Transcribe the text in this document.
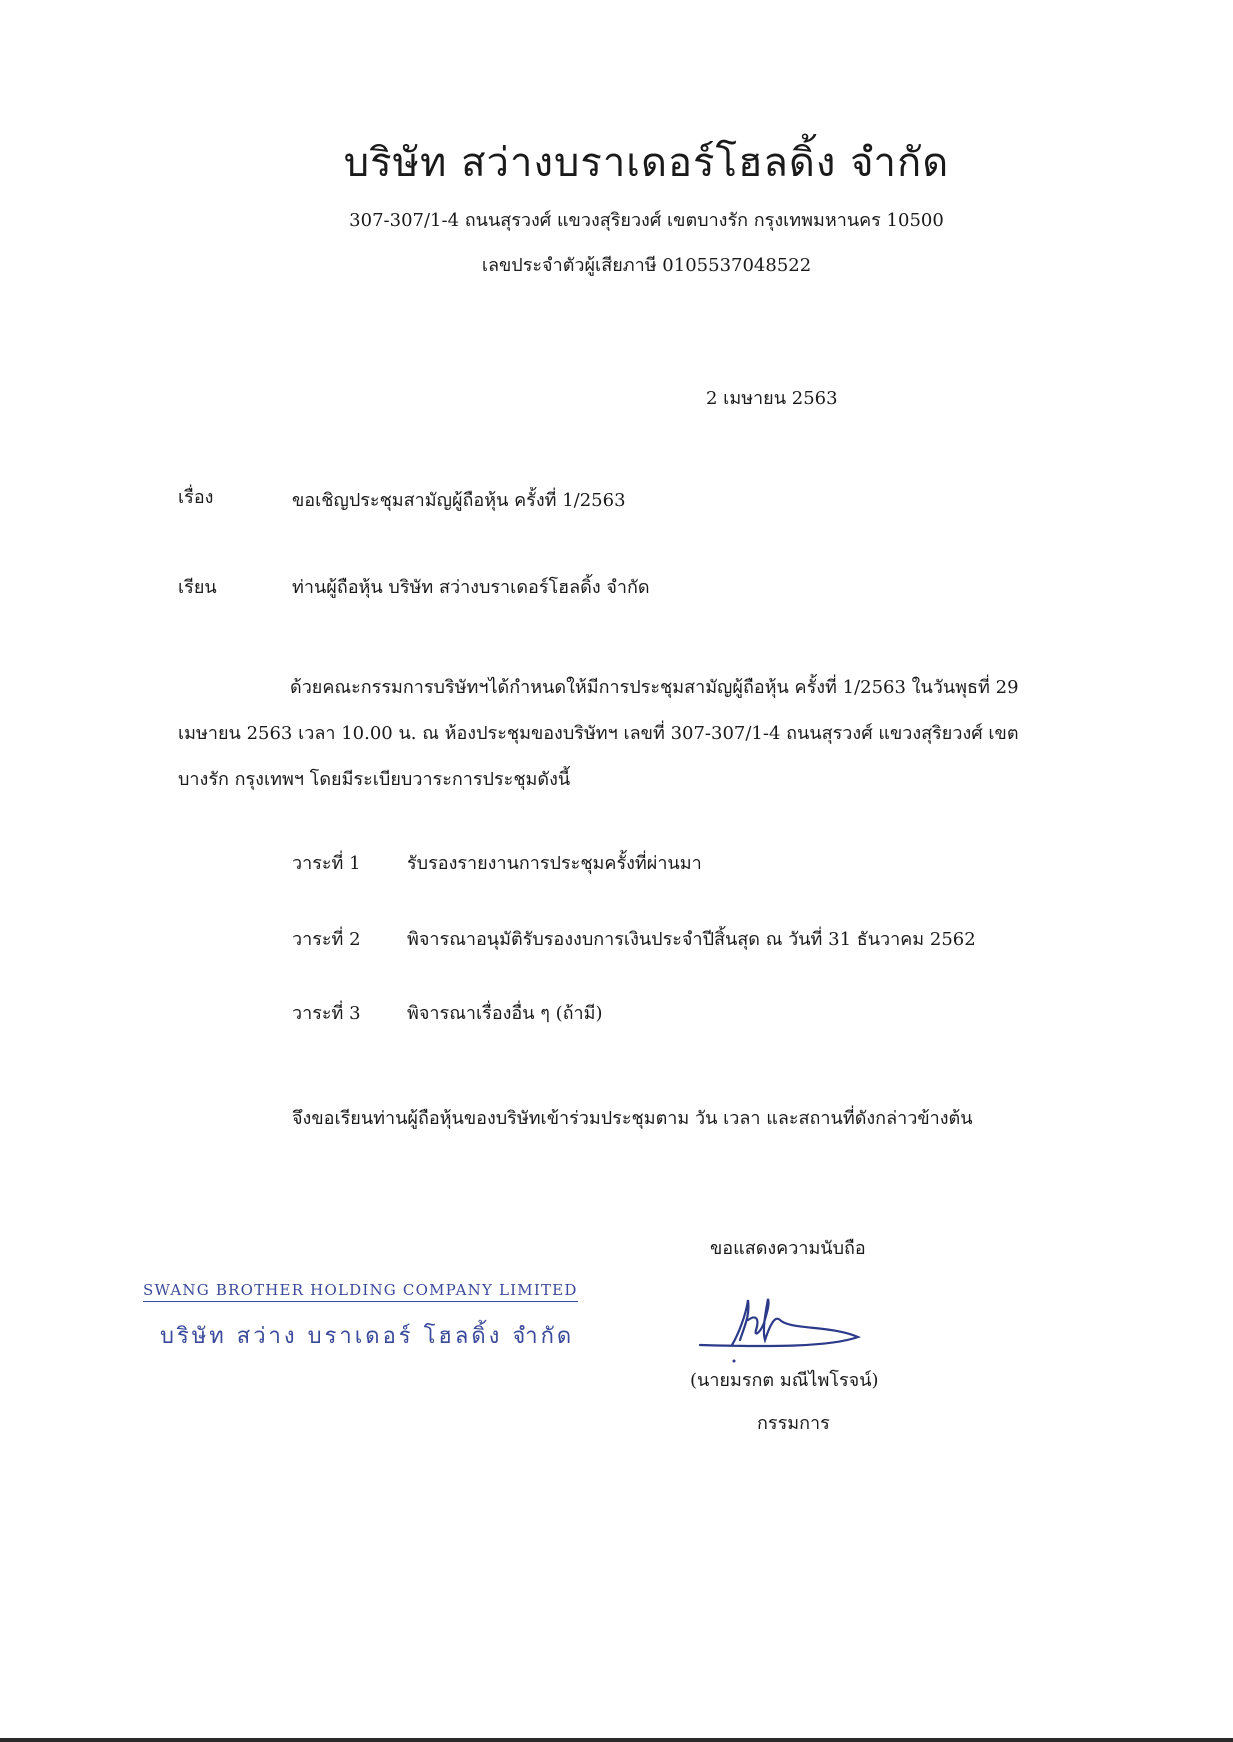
บริษัท สว่างบราเดอร์โฮลดิ้ง จำกัด
307-307/1-4 ถนนสุรวงศ์ แขวงสุริยวงศ์ เขตบางรัก กรุงเทพมหานคร 10500
เลขประจำตัวผู้เสียภาษี 0105537048522
2 เมษายน 2563
เรื่อง	ขอเชิญประชุมสามัญผู้ถือหุ้น ครั้งที่ 1/2563
เรียน	ท่านผู้ถือหุ้น บริษัท สว่างบราเดอร์โฮลดิ้ง จำกัด
ด้วยคณะกรรมการบริษัทฯได้กำหนดให้มีการประชุมสามัญผู้ถือหุ้น ครั้งที่ 1/2563 ในวันพุธที่ 29 เมษายน 2563 เวลา 10.00 น. ณ ห้องประชุมของบริษัทฯ เลขที่ 307-307/1-4 ถนนสุรวงศ์ แขวงสุริยวงศ์ เขตบางรัก กรุงเทพฯ โดยมีระเบียบวาระการประชุมดังนี้
วาระที่ 1	รับรองรายงานการประชุมครั้งที่ผ่านมา
วาระที่ 2	พิจารณาอนุมัติรับรองงบการเงินประจำปีสิ้นสุด ณ วันที่ 31 ธันวาคม 2562
วาระที่ 3	พิจารณาเรื่องอื่น ๆ (ถ้ามี)
จึงขอเรียนท่านผู้ถือหุ้นของบริษัทเข้าร่วมประชุมตาม วัน เวลา และสถานที่ดังกล่าวข้างต้น
ขอแสดงความนับถือ
SWANG BROTHER HOLDING COMPANY LIMITED
บริษัท สว่าง บราเดอร์ โฮลดิ้ง จำกัด
(นายมรกต มณีไพโรจน์)
กรรมการ
